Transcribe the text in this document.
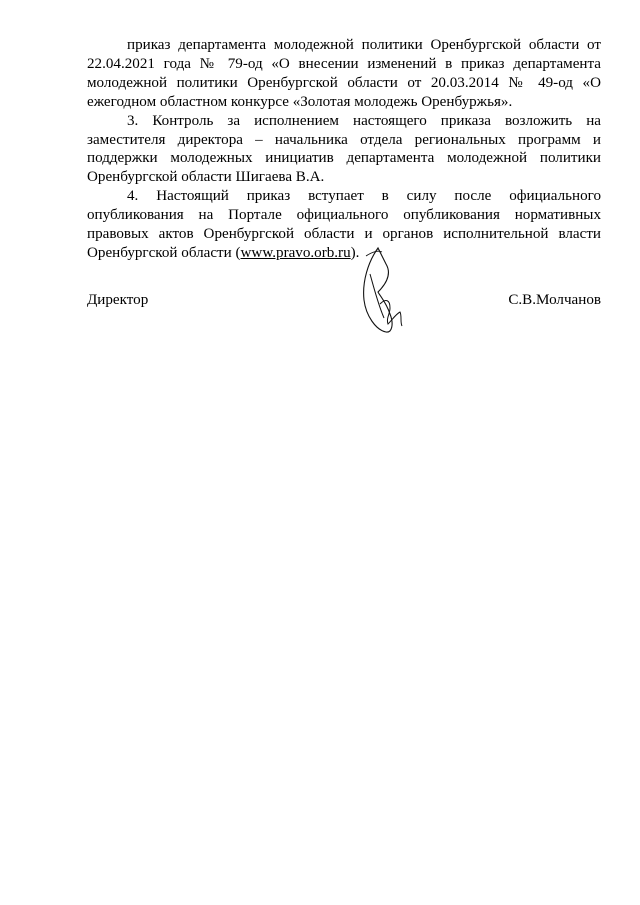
приказ департамента молодежной политики Оренбургской области от 22.04.2021 года № 79-од «О внесении изменений в приказ департамента молодежной политики Оренбургской области от 20.03.2014 № 49-од «О ежегодном областном конкурсе «Золотая молодежь Оренбуржья».

3. Контроль за исполнением настоящего приказа возложить на заместителя директора – начальника отдела региональных программ и поддержки молодежных инициатив департамента молодежной политики Оренбургской области Шигаева В.А.

4. Настоящий приказ вступает в силу после официального опубликования на Портале официального опубликования нормативных правовых актов Оренбургской области и органов исполнительной власти Оренбургской области (www.pravo.orb.ru).

Директор	С.В.Молчанов
